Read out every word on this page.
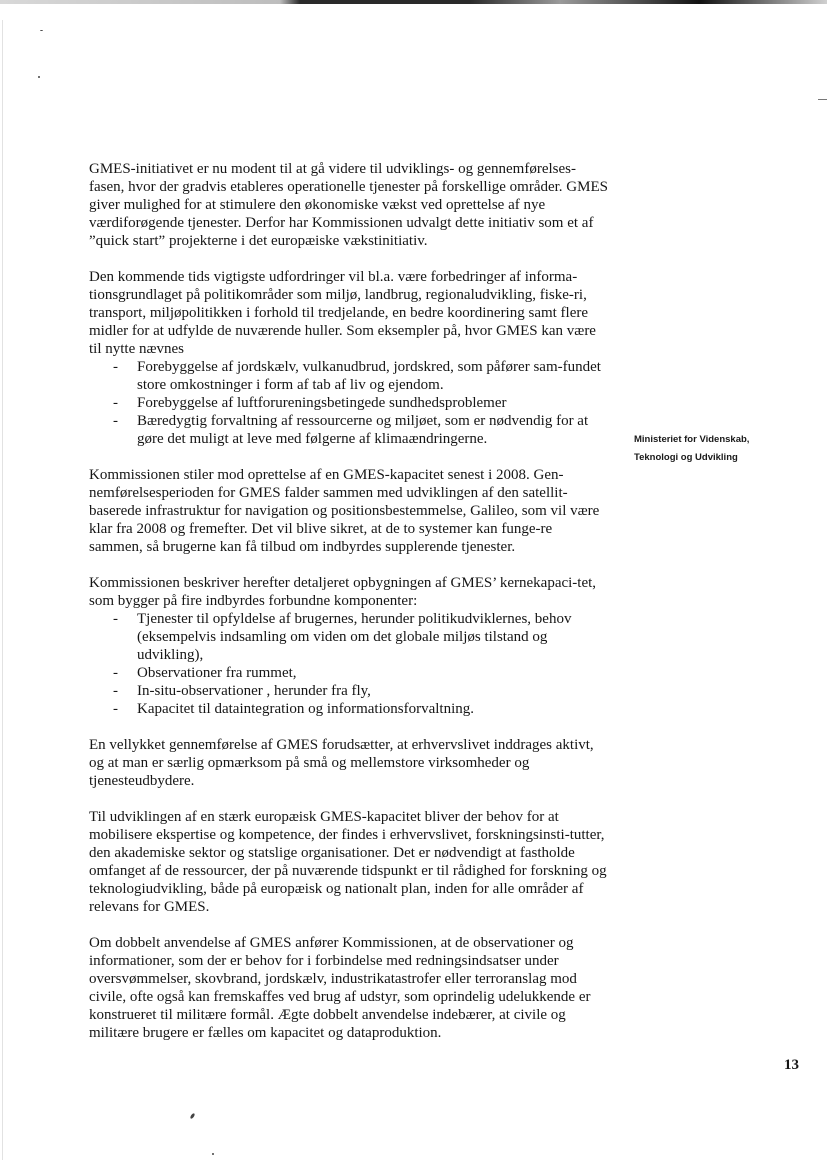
GMES-initiativet er nu modent til at gå videre til udviklings- og gennemførelses-fasen, hvor der gradvis etableres operationelle tjenester på forskellige områder. GMES giver mulighed for at stimulere den økonomiske vækst ved oprettelse af nye værdiforøgende tjenester. Derfor har Kommissionen udvalgt dette initiativ som et af ”quick start” projekterne i det europæiske vækstinitiativ.

Den kommende tids vigtigste udfordringer vil bl.a. være forbedringer af informa-tionsgrundlaget på politikområder som miljø, landbrug, regionaludvikling, fiske-ri, transport, miljøpolitikken i forhold til tredjelande, en bedre koordinering samt flere midler for at udfylde de nuværende huller. Som eksempler på, hvor GMES kan være til nytte nævnes
- Forebyggelse af jordskælv, vulkanudbrud, jordskred, som påfører sam-fundet store omkostninger i form af tab af liv og ejendom.
- Forebyggelse af luftforureningsbetingede sundhedsproblemer
- Bæredygtig forvaltning af ressourcerne og miljøet, som er nødvendig for at gøre det muligt at leve med følgerne af klimaændringerne.

Kommissionen stiler mod oprettelse af en GMES-kapacitet senest i 2008. Gen-nemførelsesperioden for GMES falder sammen med udviklingen af den satellit-baserede infrastruktur for navigation og positionsbestemmelse, Galileo, som vil være klar fra 2008 og fremefter. Det vil blive sikret, at de to systemer kan funge-re sammen, så brugerne kan få tilbud om indbyrdes supplerende tjenester.

Kommissionen beskriver herefter detaljeret opbygningen af GMES’ kernekapaci-tet, som bygger på fire indbyrdes forbundne komponenter:
- Tjenester til opfyldelse af brugernes, herunder politikudviklernes, behov (eksempelvis indsamling om viden om det globale miljøs tilstand og udvikling),
- Observationer fra rummet,
- In-situ-observationer , herunder fra fly,
- Kapacitet til dataintegration og informationsforvaltning.

En vellykket gennemførelse af GMES forudsætter, at erhvervslivet inddrages aktivt, og at man er særlig opmærksom på små og mellemstore virksomheder og tjenesteudbydere.

Til udviklingen af en stærk europæisk GMES-kapacitet bliver der behov for at mobilisere ekspertise og kompetence, der findes i erhvervslivet, forskningsinsti-tutter, den akademiske sektor og statslige organisationer. Det er nødvendigt at fastholde omfanget af de ressourcer, der på nuværende tidspunkt er til rådighed for forskning og teknologiudvikling, både på europæisk og nationalt plan, inden for alle områder af relevans for GMES.

Om dobbelt anvendelse af GMES anfører Kommissionen, at de observationer og informationer, som der er behov for i forbindelse med redningsindsatser under oversvømmelser, skovbrand, jordskælv, industrikatastrofer eller terroranslag mod civile, ofte også kan fremskaffes ved brug af udstyr, som oprindelig udelukkende er konstrueret til militære formål. Ægte dobbelt anvendelse indebærer, at civile og militære brugere er fælles om kapacitet og dataproduktion.

Ministeriet for Videnskab,
Teknologi og Udvikling
13
